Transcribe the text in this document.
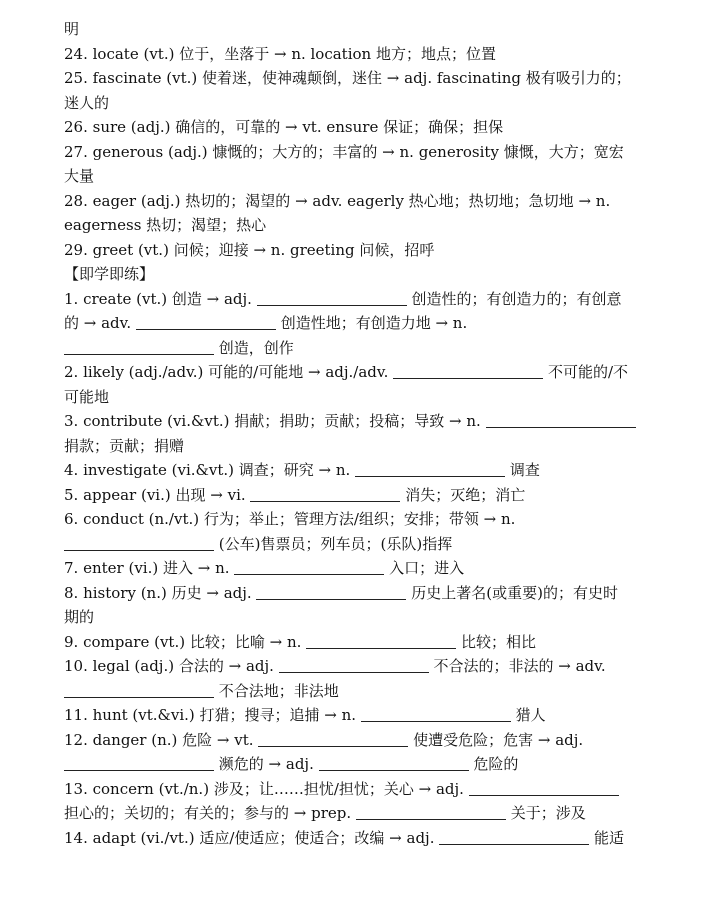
明
24. locate (vt.) 位于，坐落于 → n. location 地方；地点；位置
25. fascinate (vt.) 使着迷，使神魂颠倒，迷住 → adj. fascinating 极有吸引力的；
迷人的
26. sure (adj.) 确信的，可靠的 → vt. ensure 保证；确保；担保
27. generous (adj.) 慷慨的；大方的；丰富的 → n. generosity 慷慨，大方；宽宏
大量
28. eager (adj.) 热切的；渴望的 → adv. eagerly 热心地；热切地；急切地 → n.
eagerness 热切；渴望；热心
29. greet (vt.) 问候；迎接 → n. greeting 问候，招呼
【即学即练】
1. create (vt.) 创造 → adj.	创造性的；有创造力的；有创意
的 → adv.	创造性地；有创造力地 → n.
创造，创作
2. likely (adj./adv.) 可能的/可能地 → adj./adv.	不可能的/不
可能地
3. contribute (vi.&vt.) 捐献；捐助；贡献；投稿；导致 → n.
捐款；贡献；捐赠
4. investigate (vi.&vt.) 调查；研究 → n.	调查
5. appear (vi.) 出现 → vi.	消失；灭绝；消亡
6. conduct (n./vt.) 行为；举止；管理方法/组织；安排；带领 → n.
(公车)售票员；列车员；(乐队)指挥
7. enter (vi.) 进入 → n.	入口；进入
8. history (n.) 历史 → adj.	历史上著名(或重要)的；有史时
期的
9. compare (vt.) 比较；比喻 → n.	比较；相比
10. legal (adj.) 合法的 → adj.	不合法的；非法的 → adv.
不合法地；非法地
11. hunt (vt.&vi.) 打猎；搜寻；追捕 → n.	猎人
12. danger (n.) 危险 → vt.	使遭受危险；危害 → adj.
濒危的 → adj.	危险的
13. concern (vt./n.) 涉及；让……担忧/担忧；关心 → adj.
担心的；关切的；有关的；参与的 → prep.	关于；涉及
14. adapt (vi./vt.) 适应/使适应；使适合；改编 → adj.	能适
